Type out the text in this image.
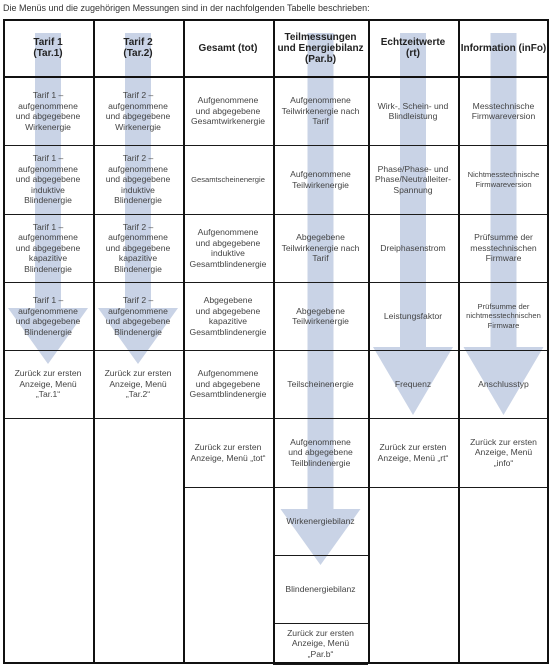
Die Menüs und die zugehörigen Messungen sind in der nachfolgenden Tabelle beschrieben:
Tarif 1
(Tar.1)
Tarif 1 –
aufgenommene
und abgegebene
Wirkenergie
Tarif 1 –
aufgenommene
und abgegebene
induktive
Blindenergie
Tarif 1 –
aufgenommene
und abgegebene
kapazitive
Blindenergie
Tarif 1 –
aufgenommene
und abgegebene
Blindenergie
Zurück zur ersten
Anzeige, Menü
„Tar.1“
Tarif 2
(Tar.2)
Tarif 2 –
aufgenommene
und abgegebene
Wirkenergie
Tarif 2 –
aufgenommene
und abgegebene
induktive
Blindenergie
Tarif 2 –
aufgenommene
und abgegebene
kapazitive
Blindenergie
Tarif 2 –
aufgenommene
und abgegebene
Blindenergie
Zurück zur ersten
Anzeige, Menü
„Tar.2“
Gesamt (tot)
Aufgenommene
und abgegebene
Gesamtwirkenergie
Gesamtscheinenergie
Aufgenommene
und abgegebene
induktive
Gesamtblindenergie
Abgegebene
und abgegebene
kapazitive
Gesamtblindenergie
Aufgenommene
und abgegebene
Gesamtblindenergie
Zurück zur ersten
Anzeige, Menü „tot“
Teilmessungen
und Energiebilanz
(Par.b)
Aufgenommene
Teilwirkenergie nach
Tarif
Aufgenommene
Teilwirkenergie
Abgegebene
Teilwirkenergie nach
Tarif
Abgegebene
Teilwirkenergie
Teilscheinenergie
Aufgenommene
und abgegebene
Teilblindenergie
Wirkenergiebilanz
Blindenergiebilanz
Zurück zur ersten
Anzeige, Menü
„Par.b“
Echtzeitwerte
(rt)
Wirk-, Schein- und
Blindleistung
Phase/Phase- und
Phase/Neutralleiter-
Spannung
Dreiphasenstrom
Leistungsfaktor
Frequenz
Zurück zur ersten
Anzeige, Menü „rt“
Information (inFo)
Messtechnische
Firmwareversion
Nichtmesstechnische
Firmwareversion
Prüfsumme der
messtechnischen
Firmware
Prüfsumme der
nichtmesstechnischen
Firmware
Anschlusstyp
Zurück zur ersten
Anzeige, Menü
„info“
